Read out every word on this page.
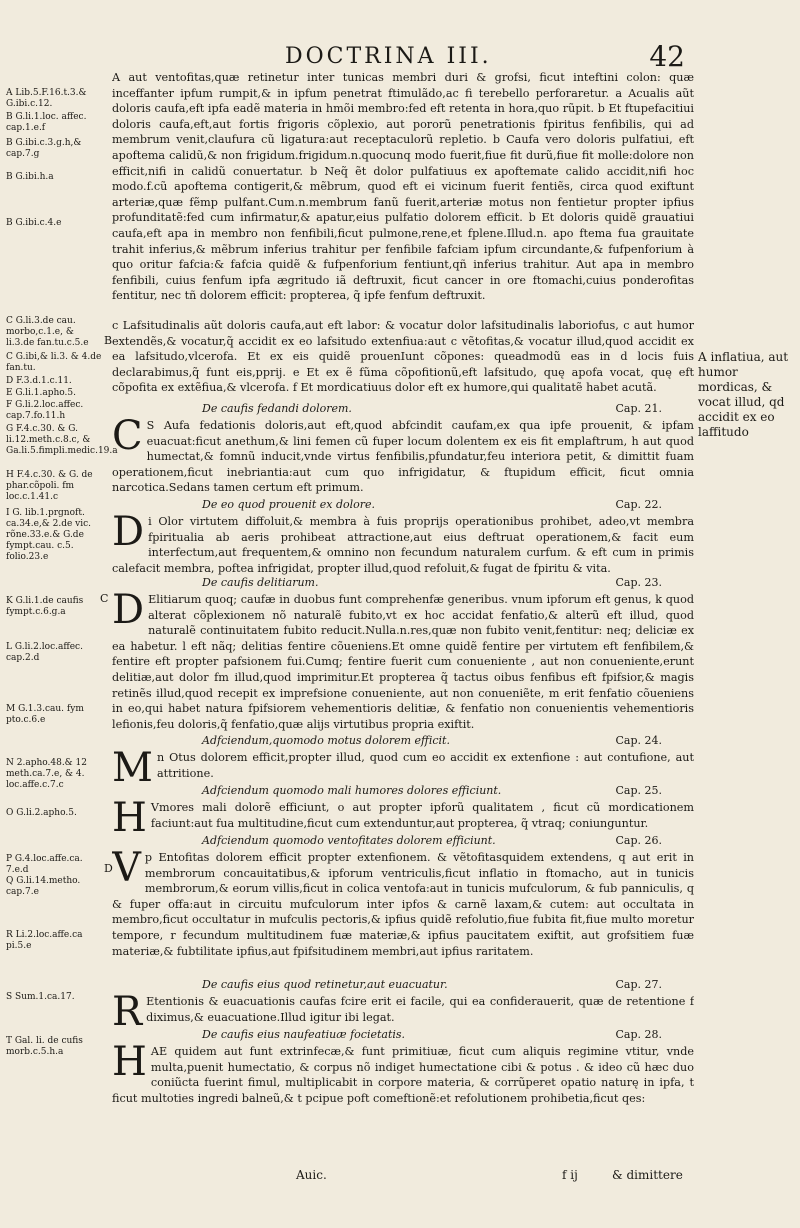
DOCTRINA III.	42
A Lib.5.F.16.t.3.& G.ibi.c.12.
B G.li.1.loc. affec. cap.1.e.f
B G.ibi.c.3.g.h,& cap.7.g
B G.ibi.h.a
B G.ibi.c.4.e
C G.li.3.de cau. morbo,c.1.e, & li.3.de fan.tu.c.5.e
C G.ibi,& li.3. & 4.de fan.tu.
D F.3.d.1.c.11.
E G.li.1.apho.5.
F G.li.2.loc.affec. cap.7.fo.11.h
G F.4.c.30. & G. li.12.meth.c.8.c, & Ga.li.5.fimpli.medic.19.a
H F.4.c.30. & G. de phar.cõpoli. fm loc.c.1.41.c
I G. lib.1.prgnoft. ca.34.e,& 2.de vic. rõne.33.e.& G.de fympt.cau. c.5. folio.23.e
K G.li.1.de caufis fympt.c.6.g.a
L G.li.2.loc.affec. cap.2.d
M G.1.3.cau. fym pto.c.6.e
N 2.apho.48.& 12 meth.ca.7.e, & 4. loc.affe.c.7.c
O G.li.2.apho.5.
P G.4.loc.affe.ca. 7.e.d
Q G.li.14.metho. cap.7.e
R Li.2.loc.affe.ca pi.5.e
S Sum.1.ca.17.
T Gal. li. de cufis morb.c.5.h.a
A inflatiua, aut humor mordicas, & vocat illud, qd accidit ex eo laffitudo
B
C
D
A aut ventofitas,quæ retinetur inter tunicas membri duri & grofsi, ficut inteftini colon: quæ inceffanter ipfum rumpit,& in ipfum penetrat ftimulãdo,ac fi terebello perforaretur. a Acualis aũt doloris caufa,eft ipfa eadẽ materia in hmõi membro:fed eft retenta in hora,quo rũpit. b Et ftupefacitiui doloris caufa,eft,aut fortis frigoris cõplexio, aut pororũ penetrationis fpiritus fenfibilis, qui ad membrum venit,claufura cũ ligatura:aut receptaculorũ repletio. b Caufa vero doloris pulfatiui, eft apoftema calidũ,& non frigidum.frigidum.n.quocunq modo fuerit,fiue fit durũ,fiue fit molle:dolore non efficit,nifi in calidũ conuertatur. b Neq̃ ẽt dolor pulfatiuus ex apoftemate calido accidit,nifi hoc modo.f.cũ apoftema contigerit,& mẽbrum, quod eft ei vicinum fuerit fentiẽs, circa quod exiftunt arteriæ,quæ fẽmp pulfant.Cum.n.membrum fanũ fuerit,arteriæ motus non fentietur propter ipfius profunditatẽ:fed cum infirmatur,& apatur,eius pulfatio dolorem efficit. b Et doloris quidẽ grauatiui caufa,eft apa in membro non fenfibili,ficut pulmone,rene,et fplene.Illud.n. apo ftema fua grauitate trahit inferius,& mẽbrum inferius trahitur per fenfibile fafciam ipfum circundante,& fufpenforium à quo oritur fafcia:& fafcia quidẽ & fufpenforium fentiunt,qñ inferius trahitur. Aut apa in membro fenfibili, cuius fenfum ipfa ægritudo iã deftruxit, ficut cancer in ore ftomachi,cuius ponderofitas fentitur, nec tñ dolorem efficit: propterea, q̃ ipfe fenfum deftruxit.
c Lafsitudinalis aũt doloris caufa,aut eft labor: & vocatur dolor lafsitudinalis laboriofus, c aut humor extendẽs,& vocatur,q̃ accidit ex eo lafsitudo extenfiua:aut c vẽtofitas,& vocatur illud,quod accidit ex ea lafsitudo,vlcerofa. Et ex eis quidẽ prouenIunt cõpones: queadmodũ eas in d locis fuis declarabimus,q̃ funt eis,pprij. e Et ex ẽ fũma cõpofitionũ,eft lafsitudo, quę apofa vocat, quę eft cõpofita ex extẽfiua,& vlcerofa. f Et mordicatiuus dolor eft ex humore,qui qualitatẽ habet acutã.
De caufis fedandi dolorem.	Cap. 21.
C S Aufa fedationis doloris,aut eft,quod abfcindit caufam,ex qua ipfe prouenit, & ipfam euacuat:ficut anethum,& lini femen cũ fuper locum dolentem ex eis fit emplaftrum, h aut quod humectat,& fomnũ inducit,vnde virtus fenfibilis,pfundatur,feu interiora petit, & dimittit fuam operationem,ficut inebriantia:aut cum quo infrigidatur, & ftupidum efficit, ficut omnia narcotica.Sedans tamen certum eft primum.
De eo quod prouenit ex dolore.	Cap. 22.
Di Olor virtutem diffoluit,& membra à fuis proprijs operationibus prohibet, adeo,vt membra fpiritualia ab aeris prohibeat attractione,aut eius deftruat operationem,& facit eum interfectum,aut frequentem,& omnino non fecundum naturalem curfum. & eft cum in primis calefacit membra, poftea infrigidat, propter illud,quod refoluit,& fugat de fpiritu & vita.
De caufis delitiarum.	Cap. 23.
D Elitiarum quoq; caufæ in duobus funt comprehenfæ generibus. vnum ipforum eft genus, k quod alterat cõplexionem nõ naturalẽ fubito,vt ex hoc accidat fenfatio,& alterũ eft illud, quod naturalẽ continuitatem fubito reducit.Nulla.n.res,quæ non fubito venit,fentitur: neq; deliciæ ex ea habetur. l eft nãq; delitias fentire cõueniens.Et omne quidẽ fentire per virtutem eft fenfibilem,& fentire eft propter pafsionem fui.Cumq; fentire fuerit cum conueniente , aut non conueniente,erunt delitiæ,aut dolor fm illud,quod imprimitur.Et propterea q̃ tactus oibus fenfibus eft fpifsior,& magis retinẽs illud,quod recepit ex imprefsione conueniente, aut non conueniẽte, m erit fenfatio cõueniens in eo,qui habet natura fpifsiorem vehementioris delitiæ, & fenfatio non conuenientis vehementioris lefionis,feu doloris,q̃ fenfatio,quæ alijs virtutibus propria exiftit.
Adfciendum,quomodo motus dolorem efficit.	Cap. 24.
Mn Otus dolorem efficit,propter illud, quod cum eo accidit ex extenfione : aut contufione, aut attritione.
Adfciendum quomodo mali humores dolores efficiunt.	Cap. 25.
H Vmores mali dolorẽ efficiunt, o aut propter ipforũ qualitatem , ficut cũ mordicationem faciunt:aut fua multitudine,ficut cum extenduntur,aut propterea, q̃ vtraq; coniunguntur.
Adfciendum quomodo ventofitates dolorem efficiunt.	Cap. 26.
Vp Entofitas dolorem efficit propter extenfionem. & vẽtofitasquidem extendens, q aut erit in membrorum concauitatibus,& ipforum ventriculis,ficut inflatio in ftomacho, aut in tunicis membrorum,& eorum villis,ficut in colica ventofa:aut in tunicis mufculorum, & fub panniculis, q & fuper offa:aut in circuitu mufculorum inter ipfos & carnẽ laxam,& cutem: aut occultata in membro,ficut occultatur in mufculis pectoris,& ipfius quidẽ refolutio,fiue fubita fit,fiue multo moretur tempore, r fecundum multitudinem fuæ materiæ,& ipfius paucitatem exiftit, aut grofsitiem fuæ materiæ,& fubtilitate ipfius,aut fpifsitudinem membri,aut ipfius raritatem.
De caufis eius quod retinetur,aut euacuatur.	Cap. 27.
R Etentionis & euacuationis caufas fcire erit ei facile, qui ea confiderauerit, quæ de retentione f diximus,& euacuatione.Illud igitur ibi legat.
De caufis eius naufeatiuæ focietatis.	Cap. 28.
HAE quidem aut funt extrinfecæ,& funt primitiuæ, ficut cum aliquis regimine vtitur, vnde multa,puenit humectatio, & corpus nõ indiget humectatione cibi & potus . & ideo cũ hæc duo coniũcta fuerint fimul, multiplicabit in corpore materia, & corrũperet opatio naturę in ipfa, t ficut multoties ingredi balneũ,& t pcipue poft comeftionẽ:et refolutionem prohibetia,ficut qes:
Auic.	f ij	& dimittere
